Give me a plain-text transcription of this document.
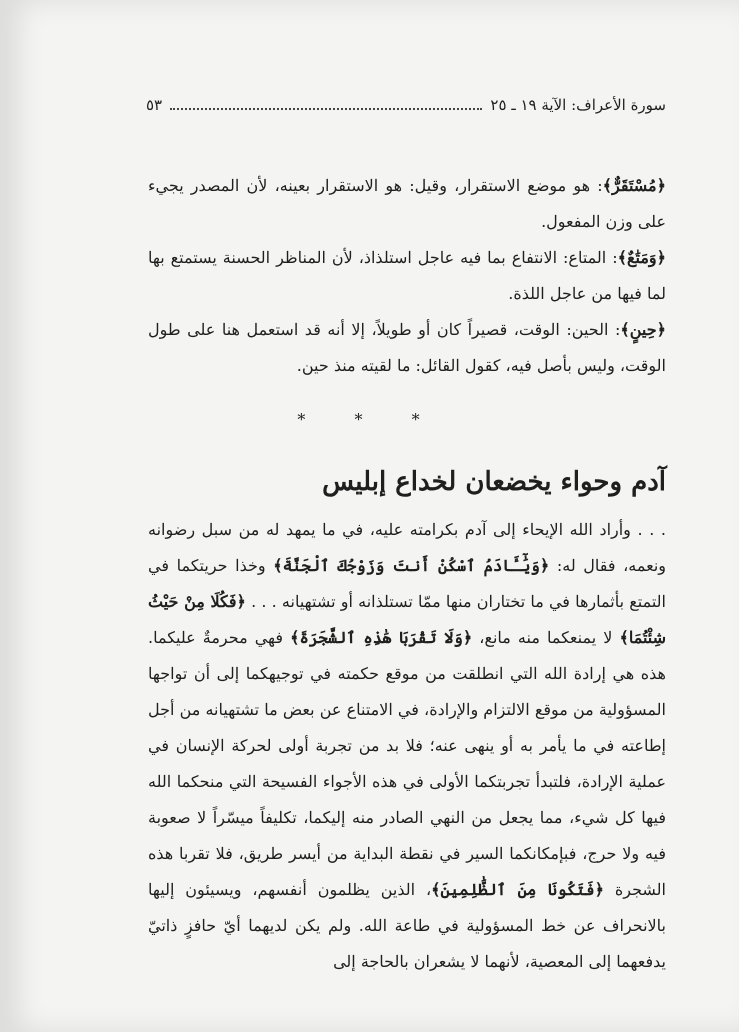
سورة الأعراف: الآية ١٩ ـ ٢٥
٥٣

﴿مُسْتَقَرٌّ﴾: هو موضع الاستقرار، وقيل: هو الاستقرار بعينه، لأن المصدر يجيء على وزن المفعول.

﴿وَمَتَٰعٌ﴾: المتاع: الانتفاع بما فيه عاجل استلذاذ، لأن المناظر الحسنة يستمتع بها لما فيها من عاجل اللذة.

﴿حِينٍ﴾: الحين: الوقت، قصيراً كان أو طويلاً، إلا أنه قد استعمل هنا على طول الوقت، وليس بأصل فيه، كقول القائل: ما لقيته منذ حين.

* * *
آدم وحواء يخضعان لخداع إبليس

. . . وأراد الله الإيحاء إلى آدم بكرامته عليه، في ما يمهد له من سبل رضوانه ونعمه، فقال له: ﴿وَيَٰٓـَٔادَمُ ٱسْكُنْ أَنتَ وَزَوْجُكَ ٱلْجَنَّةَ﴾ وخذا حريتكما في التمتع بأثمارها في ما تختاران منها ممّا تستلذانه أو تشتهيانه . . . ﴿فَكُلَا مِنْ حَيْثُ شِئْتُمَا﴾ لا يمنعكما منه مانع، ﴿وَلَا تَقْرَبَا هَٰذِهِ ٱلشَّجَرَةَ﴾ فهي محرمةٌ عليكما. هذه هي إرادة الله التي انطلقت من موقع حكمته في توجيهكما إلى أن تواجها المسؤولية من موقع الالتزام والإرادة، في الامتناع عن بعض ما تشتهيانه من أجل إطاعته في ما يأمر به أو ينهى عنه؛ فلا بد من تجربة أولى لحركة الإنسان في عملية الإرادة، فلتبدأ تجربتكما الأولى في هذه الأجواء الفسيحة التي منحكما الله فيها كل شيء، مما يجعل من النهي الصادر منه إليكما، تكليفاً ميسّراً لا صعوبة فيه ولا حرج، فبإمكانكما السير في نقطة البداية من أيسر طريق، فلا تقربا هذه الشجرة ﴿فَتَكُونَا مِنَ ٱلظَّٰلِمِينَ﴾، الذين يظلمون أنفسهم، ويسيئون إليها بالانحراف عن خط المسؤولية في طاعة الله. ولم يكن لديهما أيّ حافزٍ ذاتيّ يدفعهما إلى المعصية، لأنهما لا يشعران بالحاجة إلى
